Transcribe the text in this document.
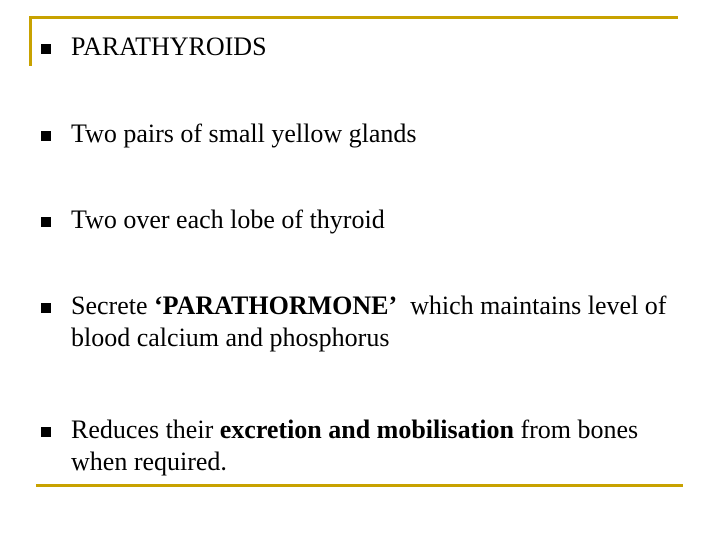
PARATHYROIDS
Two pairs of small yellow glands
Two over each lobe of thyroid
Secrete ‘PARATHORMONE’  which maintains level of blood calcium and phosphorus
Reduces their excretion and mobilisation from bones when required.
